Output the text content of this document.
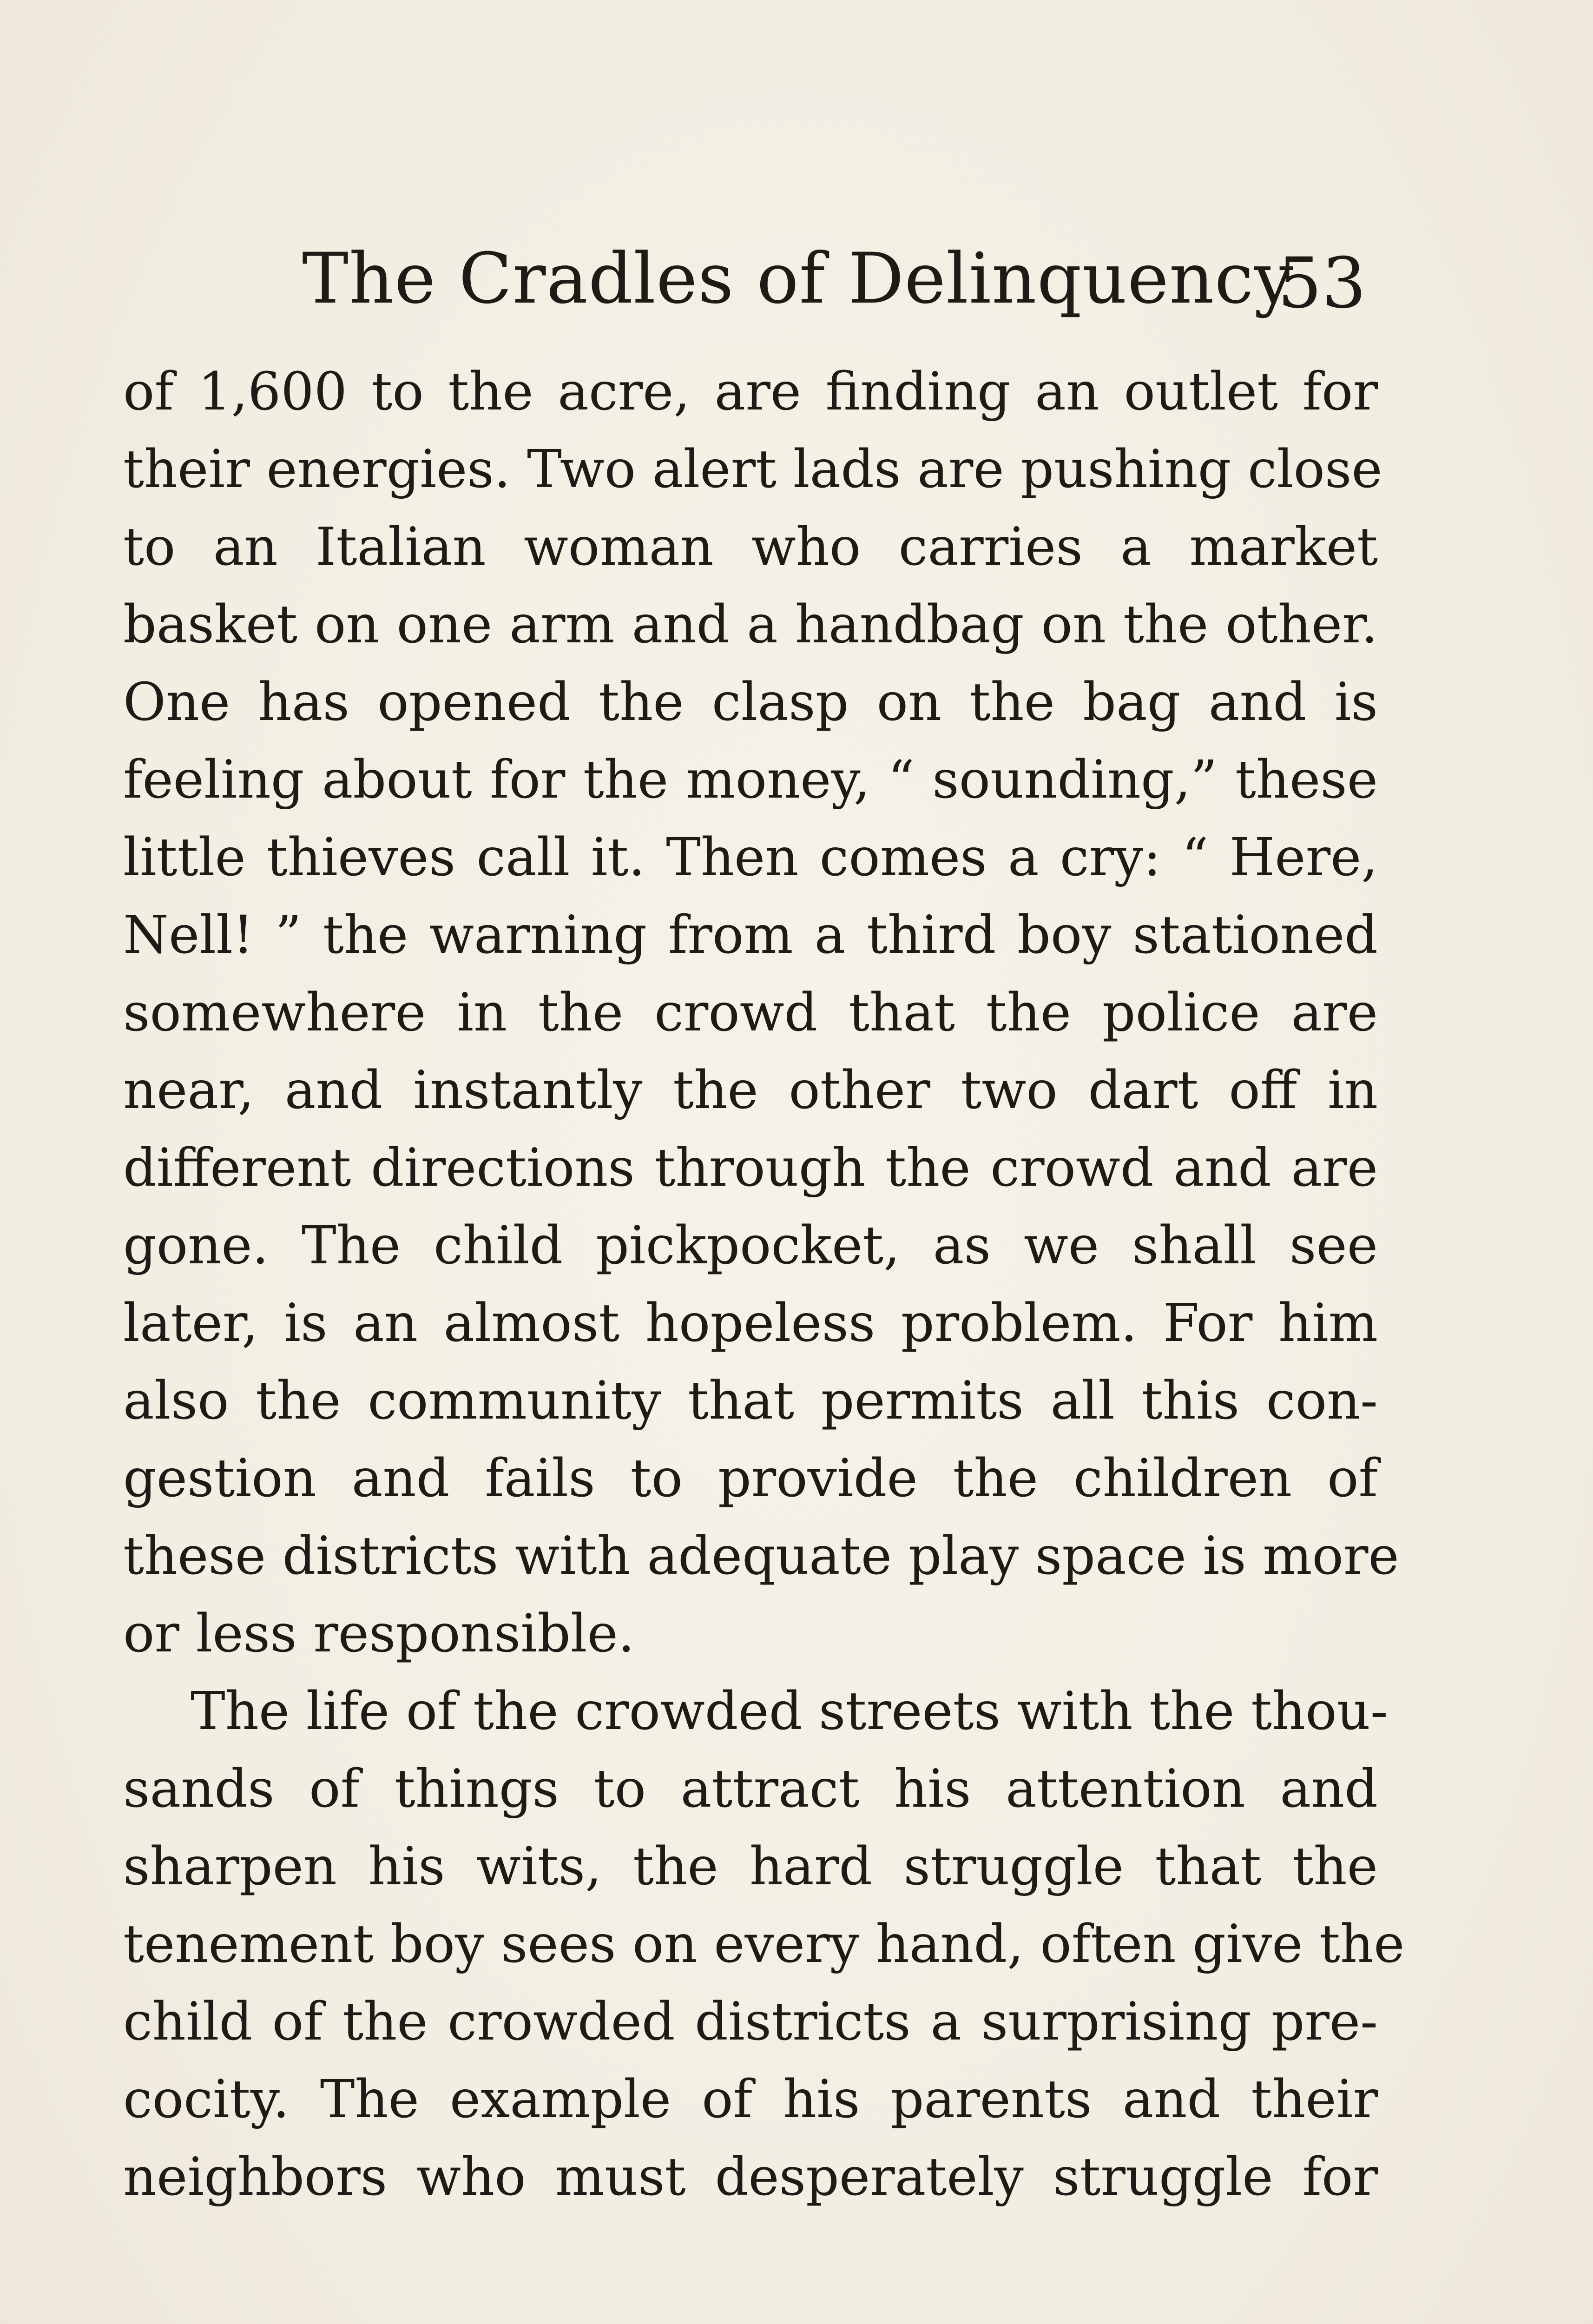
The Cradles of Delinquency
53
of 1,600 to the acre, are finding an outlet for
their energies. Two alert lads are pushing close
to an Italian woman who carries a market
basket on one arm and a handbag on the other.
One has opened the clasp on the bag and is
feeling about for the money, “ sounding,” these
little thieves call it. Then comes a cry: “ Here,
Nell! ” the warning from a third boy stationed
somewhere in the crowd that the police are
near, and instantly the other two dart off in
different directions through the crowd and are
gone. The child pickpocket, as we shall see
later, is an almost hopeless problem. For him
also the community that permits all this con-
gestion and fails to provide the children of
these districts with adequate play space is more
or less responsible.
The life of the crowded streets with the thou-
sands of things to attract his attention and
sharpen his wits, the hard struggle that the
tenement boy sees on every hand, often give the
child of the crowded districts a surprising pre-
cocity. The example of his parents and their
neighbors who must desperately struggle for
